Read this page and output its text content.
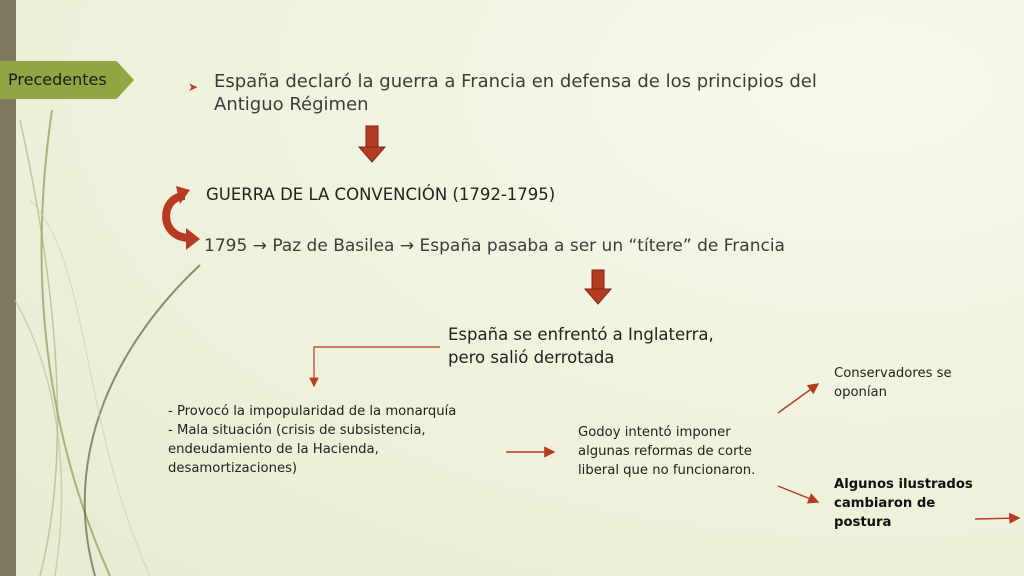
Precedentes	➤ España declaró la guerra a Francia en defensa de los principios del
Antiguo Régimen
GUERRA DE LA CONVENCIÓN (1792-1795)
1795 → Paz de Basilea → España pasaba a ser un “títere” de Francia
España se enfrentó a Inglaterra,
pero salió derrotada
- Provocó la impopularidad de la monarquía
- Mala situación (crisis de subsistencia,
endeudamiento de la Hacienda,
desamortizaciones)
Godoy intentó imponer
algunas reformas de corte
liberal que no funcionaron.
Conservadores se
oponían
Algunos ilustrados
cambiaron de
postura
